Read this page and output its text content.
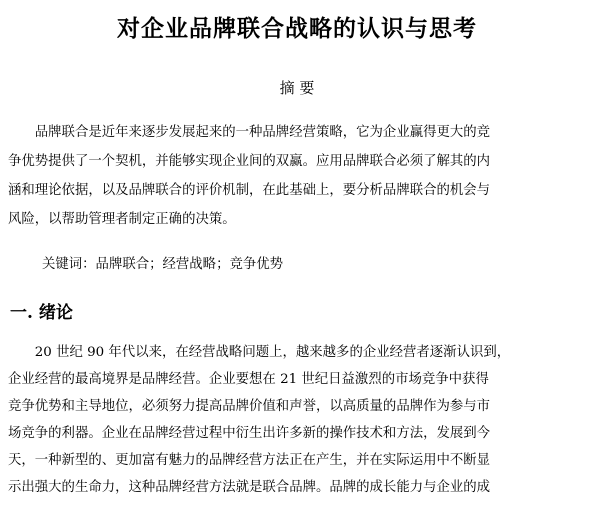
对企业品牌联合战略的认识与思考
摘 要
　　品牌联合是近年来逐步发展起来的一种品牌经营策略，它为企业赢得更大的竞
争优势提供了一个契机，并能够实现企业间的双赢。应用品牌联合必须了解其的内
涵和理论依据，以及品牌联合的评价机制，在此基础上，要分析品牌联合的机会与
风险，以帮助管理者制定正确的决策。
关键词：品牌联合；经营战略；竞争优势
一. 绪论
　　20 世纪 90 年代以来，在经营战略问题上，越来越多的企业经营者逐渐认识到，
企业经营的最高境界是品牌经营。企业要想在 21 世纪日益激烈的市场竞争中获得
竞争优势和主导地位，必须努力提高品牌价值和声誉，以高质量的品牌作为参与市
场竞争的利器。企业在品牌经营过程中衍生出许多新的操作技术和方法，发展到今
天，一种新型的、更加富有魅力的品牌经营方法正在产生，并在实际运用中不断显
示出强大的生命力，这种品牌经营方法就是联合品牌。品牌的成长能力与企业的成
